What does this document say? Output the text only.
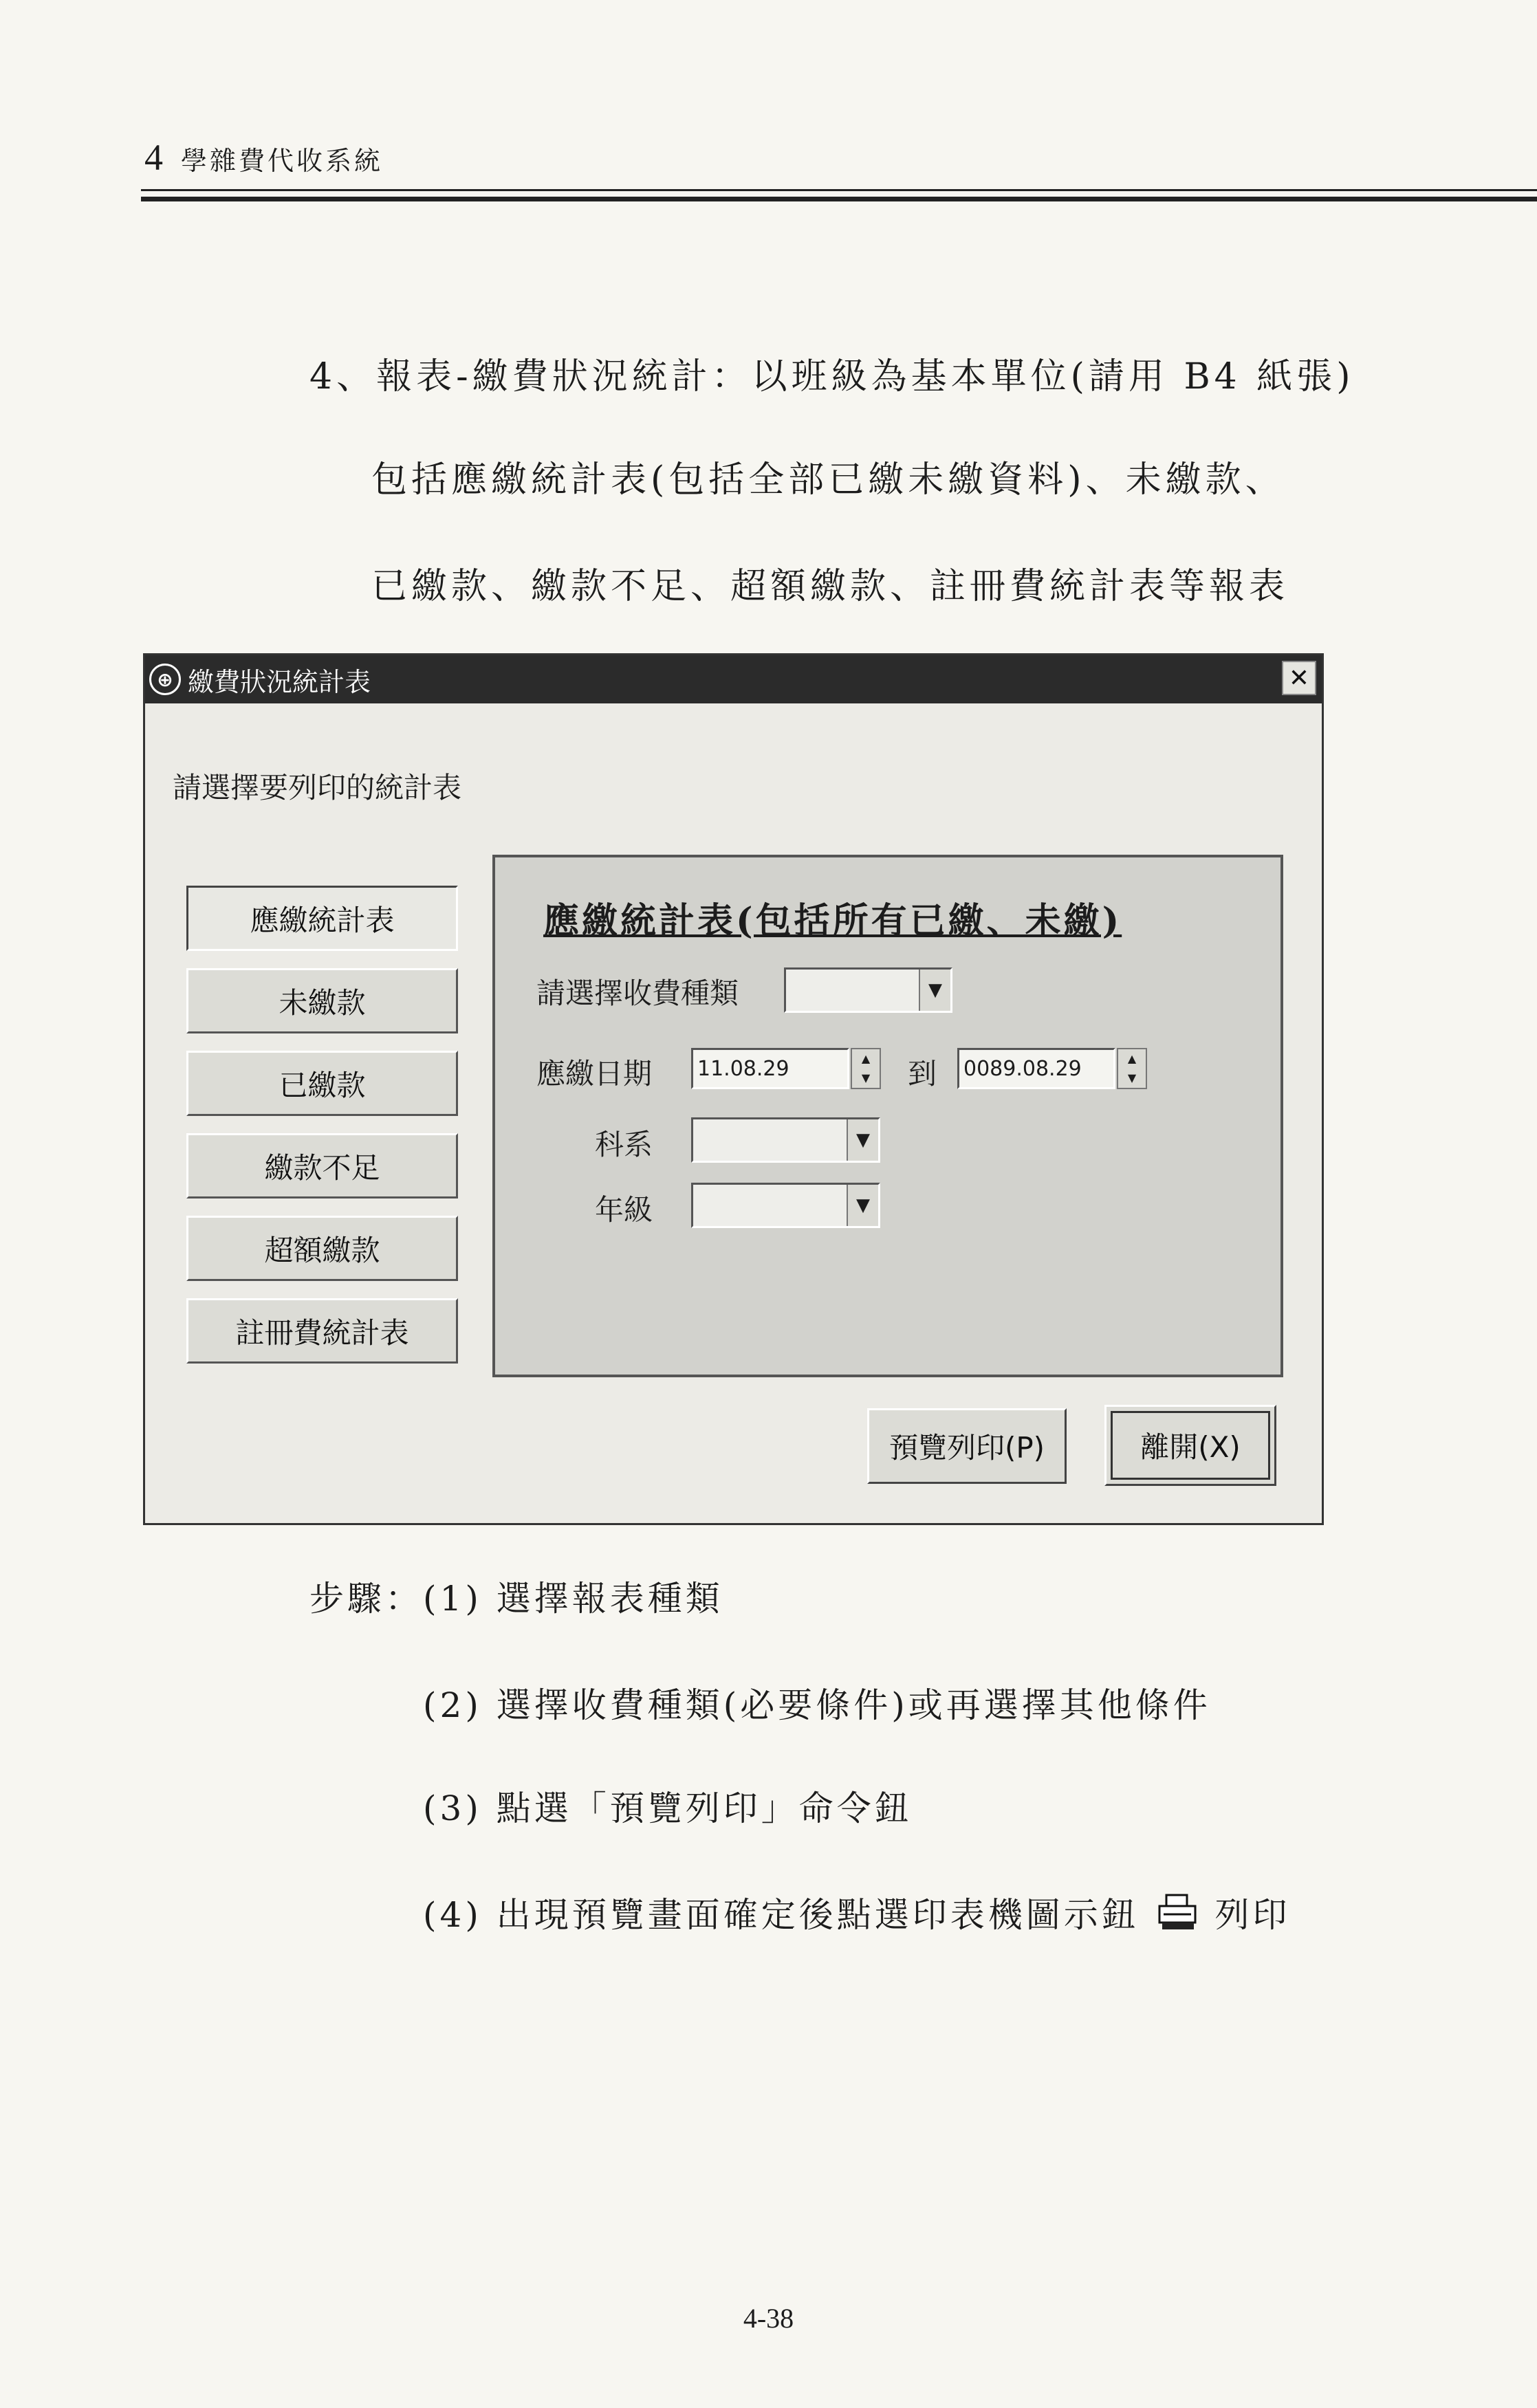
4 學雜費代收系統
4、報表-繳費狀況統計：以班級為基本單位(請用 B4 紙張)
包括應繳統計表(包括全部已繳未繳資料)、未繳款、
已繳款、繳款不足、超額繳款、註冊費統計表等報表
⊕ 繳費狀況統計表	✕
請選擇要列印的統計表
應繳統計表
未繳款
已繳款
繳款不足
超額繳款
註冊費統計表
應繳統計表(包括所有已繳、未繳)
請選擇收費種類	▼
應繳日期	11.08.29	▲
▼ 到	0089.08.29	▲
▼
科系	▼
年級	▼
預覽列印(P)	離開(X)
步驟：(1) 選擇報表種類
(2) 選擇收費種類(必要條件)或再選擇其他條件
(3) 點選「預覽列印」命令鈕
(4) 出現預覽畫面確定後點選印表機圖示鈕 列印
4-38
